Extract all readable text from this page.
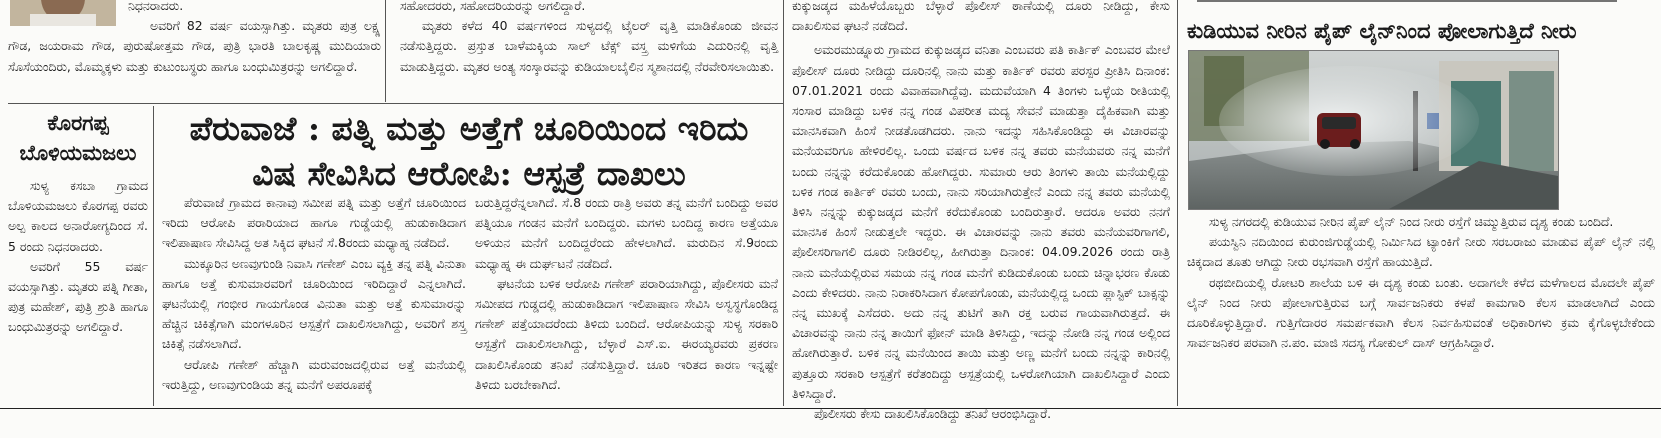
ನಿಧನರಾದರು.

ಅವರಿಗೆ 82 ವರ್ಷ ವಯಸ್ಸಾಗಿತ್ತು. ಮೃತರು ಪುತ್ರ ಲಕ್ಷ್ಣ ಗೌಡ, ಜಯರಾಮ ಗೌಡ, ಪುರುಷೋತ್ತಮ ಗೌಡ, ಪುತ್ರಿ ಭಾರತಿ ಬಾಲಕೃಷ್ಣ ಮುದಿಯಾರು ಸೊಸೆಯಂದಿರು, ಮೊಮ್ಮಕ್ಕಳು ಮತ್ತು ಕುಟುಂಬಸ್ಥರು ಹಾಗೂ ಬಂಧುಮಿತ್ರರನ್ನು ಅಗಲಿದ್ದಾರೆ.

ಸಹೋದರರು, ಸಹೋದರಿಯರನ್ನು ಅಗಲಿದ್ದಾರೆ.

ಮೃತರು ಕಳೆದ 40 ವರ್ಷಗಳಿಂದ ಸುಳ್ಯದಲ್ಲಿ ಟೈಲರ್ ವೃತ್ತಿ ಮಾಡಿಕೊಂಡು ಜೀವನ ನಡೆಸುತ್ತಿದ್ದರು. ಪ್ರಸ್ತುತ ಬಾಳೆಮಕ್ಕಿಯ ಸಾಲ್ ಟೆಕ್ಸ್ ವಸ್ತ್ರ ಮಳಿಗೆಯ ಎದುರಿನಲ್ಲಿ ವೃತ್ತಿ ಮಾಡುತ್ತಿದ್ದರು. ಮೃತರ ಅಂತ್ಯ ಸಂಸ್ಕಾರವನ್ನು ಕುಡಿಯಾಲಬೈಲಿನ ಸ್ಮಶಾನದಲ್ಲಿ ನೆರವೇರಿಸಲಾಯಿತು.

ಕೊರಗಪ್ಪ
ಬೊಳಿಯಮಜಲು

ಸುಳ್ಯ ಕಸಬಾ ಗ್ರಾಮದ ಬೊಳಿಯಮಜಲು ಕೊರಗಪ್ಪ ರವರು ಅಲ್ಪ ಕಾಲದ ಅನಾರೋಗ್ಯದಿಂದ ಸೆ. 5 ರಂದು ನಿಧನರಾದರು.

ಅವರಿಗೆ 55 ವರ್ಷ ವಯಸ್ಸಾಗಿತ್ತು. ಮೃತರು ಪತ್ನಿ ಗೀತಾ, ಪುತ್ರ ಮಹೇಶ್, ಪುತ್ರಿ ಶ್ರುತಿ ಹಾಗೂ ಬಂಧುಮಿತ್ರರನ್ನು ಅಗಲಿದ್ದಾರೆ.

ಪೆರುವಾಜೆ : ಪತ್ನಿ ಮತ್ತು ಅತ್ತೆಗೆ ಚೂರಿಯಿಂದ ಇರಿದು
ವಿಷ ಸೇವಿಸಿದ ಆರೋಪಿ: ಆಸ್ಪತ್ರೆ ದಾಖಲು

ಪೆರುವಾಜೆ ಗ್ರಾಮದ ಕಾನಾವು ಸಮೀಪ ಪತ್ನಿ ಮತ್ತು ಅತ್ತೆಗೆ ಚೂರಿಯಿಂದ ಇರಿದು ಆರೋಪಿ ಪರಾರಿಯಾದ ಹಾಗೂ ಗುಡ್ಡೆಯಲ್ಲಿ ಹುಡುಕಾಡಿದಾಗ ಇಲಿಪಾಷಾಣ ಸೇವಿಸಿದ್ದ ಅತ ಸಿಕ್ಕಿದ ಘಟನೆ ಸೆ.8ರಂದು ಮಧ್ಯಾಹ್ನ ನಡೆದಿದೆ.

ಮುಕ್ಕೂರಿನ ಅಣವುಗುಂಡಿ ನಿವಾಸಿ ಗಣೇಶ್ ಎಂಬ ವ್ಯಕ್ತಿ ತನ್ನ ಪತ್ನಿ ವಿನುತಾ ಹಾಗೂ ಅತ್ತೆ ಕುಸುಮಾರವರಿಗೆ ಚೂರಿಯಿಂದ ಇರಿದಿದ್ದಾರೆ ಎನ್ನಲಾಗಿದೆ. ಘಟನೆಯಲ್ಲಿ ಗಂಭೀರ ಗಾಯಗೊಂಡ ವಿನುತಾ ಮತ್ತು ಅತ್ತೆ ಕುಸುಮಾರನ್ನು ಹೆಚ್ಚಿನ ಚಿಕಿತ್ಸೆಗಾಗಿ ಮಂಗಳೂರಿನ ಆಸ್ಪತ್ರೆಗೆ ದಾಖಲಿಸಲಾಗಿದ್ದು, ಅವರಿಗೆ ಶಸ್ತ್ರ ಚಿಕಿತ್ಸೆ ನಡೆಸಲಾಗಿದೆ.

ಆರೋಪಿ ಗಣೇಶ್ ಹೆಚ್ಚಾಗಿ ಮರುವಂಜದಲ್ಲಿರುವ ಅತ್ತೆ ಮನೆಯಲ್ಲಿ ಇರುತ್ತಿದ್ದು, ಅಣವುಗುಂಡಿಯ ತನ್ನ ಮನೆಗೆ ಅಪರೂಪಕ್ಕೆ

ಬರುತ್ತಿದ್ದರೆನ್ನಲಾಗಿದೆ. ಸೆ.8 ರಂದು ರಾತ್ರಿ ಅವರು ತನ್ನ ಮನೆಗೆ ಬಂದಿದ್ದು ಅವರ ಪತ್ನಿಯೂ ಗಂಡನ ಮನೆಗೆ ಬಂದಿದ್ದರು. ಮಗಳು ಬಂದಿದ್ದ ಕಾರಣ ಅತ್ತೆಯೂ ಅಳಿಯನ ಮನೆಗೆ ಬಂದಿದ್ದರೆಂದು ಹೇಳಲಾಗಿದೆ. ಮರುದಿನ ಸೆ.9ರಂದು ಮಧ್ಯಾಹ್ನ ಈ ದುರ್ಘಟನೆ ನಡೆದಿದೆ.

ಘಟನೆಯ ಬಳಿಕ ಆರೋಪಿ ಗಣೇಶ್ ಪರಾರಿಯಾಗಿದ್ದು, ಪೊಲೀಸರು ಮನೆ ಸಮೀಪದ ಗುಡ್ಡದಲ್ಲಿ ಹುಡುಕಾಡಿದಾಗ ಇಲಿಪಾಷಾಣ ಸೇವಿಸಿ ಅಸ್ವಸ್ಥಗೊಂಡಿದ್ದ ಗಣೇಶ್ ಪತ್ತೆಯಾದರೆಂದು ತಿಳಿದು ಬಂದಿದೆ. ಆರೋಪಿಯನ್ನು ಸುಳ್ಯ ಸರಕಾರಿ ಆಸ್ಪತ್ರೆಗೆ ದಾಖಲಿಸಲಾಗಿದ್ದು, ಬೆಳ್ಳಾರೆ ಎಸ್.ಐ. ಈರಯ್ಯರವರು ಪ್ರಕರಣ ದಾಖಲಿಸಿಕೊಂಡು ತನಿಖೆ ನಡೆಸುತ್ತಿದ್ದಾರೆ. ಚೂರಿ ಇರಿತದ ಕಾರಣ ಇನ್ನಷ್ಟೇ ತಿಳಿದು ಬರಬೇಕಾಗಿದೆ.

ಕುಕ್ಕುಜಡ್ಕದ ಮಹಿಳೆಯೊಬ್ಬರು ಬೆಳ್ಳಾರೆ ಪೊಲೀಸ್ ಠಾಣೆಯಲ್ಲಿ ದೂರು ನೀಡಿದ್ದು, ಕೇಸು ದಾಖಲಿಸುವ ಘಟನೆ ನಡೆದಿದೆ.

ಅಮರಮುಡ್ನೂರು ಗ್ರಾಮದ ಕುಕ್ಕುಜಡ್ಕದ ವನಿತಾ ಎಂಬವರು ಪತಿ ಕಾರ್ತಿಕ್ ಎಂಬವರ ಮೇಲೆ ಪೊಲೀಸ್ ದೂರು ನೀಡಿದ್ದು ದೂರಿನಲ್ಲಿ ನಾನು ಮತ್ತು ಕಾರ್ತಿಕ್ ರವರು ಪರಸ್ಪರ ಪ್ರೀತಿಸಿ ದಿನಾಂಕ: 07.01.2021 ರಂದು ವಿವಾಹವಾಗಿದ್ದೆವು. ಮದುವೆಯಾಗಿ 4 ತಿಂಗಳು ಒಳ್ಳೆಯ ರೀತಿಯಲ್ಲಿ ಸಂಸಾರ ಮಾಡಿದ್ದು ಬಳಿಕ ನನ್ನ ಗಂಡ ವಿಪರೀತ ಮದ್ಯ ಸೇವನೆ ಮಾಡುತ್ತಾ ದೈಹಿಕವಾಗಿ ಮತ್ತು ಮಾನಸಿಕವಾಗಿ ಹಿಂಸೆ ನೀಡತೊಡಗಿದರು. ನಾನು ಇದನ್ನು ಸಹಿಸಿಕೊಂಡಿದ್ದು ಈ ವಿಚಾರವನ್ನು ಮನೆಯವರಿಗೂ ಹೇಳಿರಲಿಲ್ಲ. ಒಂದು ವರ್ಷದ ಬಳಿಕ ನನ್ನ ತವರು ಮನೆಯವರು ನನ್ನ ಮನೆಗೆ ಬಂದು ನನ್ನನ್ನು ಕರೆದುಕೊಂಡು ಹೋಗಿದ್ದರು. ಸುಮಾರು ಆರು ತಿಂಗಳು ತಾಯಿ ಮನೆಯಲ್ಲಿದ್ದು ಬಳಿಕ ಗಂಡ ಕಾರ್ತಿಕ್ ರವರು ಬಂದು, ನಾನು ಸರಿಯಾಗಿರುತ್ತೇನೆ ಎಂದು ನನ್ನ ತವರು ಮನೆಯಲ್ಲಿ ತಿಳಿಸಿ ನನ್ನನ್ನು ಕುಕ್ಕುಜಡ್ಕದ ಮನೆಗೆ ಕರೆದುಕೊಂಡು ಬಂದಿರುತ್ತಾರೆ. ಆದರೂ ಅವರು ನನಗೆ ಮಾನಸಿಕ ಹಿಂಸೆ ನೀಡುತ್ತಲೇ ಇದ್ದರು. ಈ ವಿಚಾರವನ್ನು ನಾನು ತವರು ಮನೆಯವರಿಗಾಗಲಿ, ಪೊಲೀಸರಿಗಾಗಲಿ ದೂರು ನೀಡಿರಲಿಲ್ಲ, ಹೀಗಿರುತ್ತಾ ದಿನಾಂಕ: 04.09.2026 ರಂದು ರಾತ್ರಿ ನಾನು ಮನೆಯಲ್ಲಿರುವ ಸಮಯ ನನ್ನ ಗಂಡ ಮನೆಗೆ ಕುಡಿದುಕೊಂಡು ಬಂದು ಚಿನ್ನಾಭರಣ ಕೊಡು ಎಂದು ಕೇಳಿದರು. ನಾನು ನಿರಾಕರಿಸಿದಾಗ ಕೋಪಗೊಂಡು, ಮನೆಯಲ್ಲಿದ್ದ ಒಂದು ಪ್ಲಾಸ್ಟಿಕ್ ಬಾಕ್ಸನ್ನು ನನ್ನ ಮುಖಕ್ಕೆ ಎಸೆದರು. ಅದು ನನ್ನ ತುಟಿಗೆ ತಾಗಿ ರಕ್ತ ಬರುವ ಗಾಯವಾಗಿರುತ್ತದೆ. ಈ ವಿಚಾರವನ್ನು ನಾನು ನನ್ನ ತಾಯಿಗೆ ಫೋನ್ ಮಾಡಿ ತಿಳಿಸಿದ್ದು, ಇದನ್ನು ನೋಡಿ ನನ್ನ ಗಂಡ ಅಲ್ಲಿಂದ ಹೋಗಿರುತ್ತಾರೆ. ಬಳಿಕ ನನ್ನ ಮನೆಯಿಂದ ತಾಯಿ ಮತ್ತು ಅಣ್ಣ ಮನೆಗೆ ಬಂದು ನನ್ನನ್ನು ಕಾರಿನಲ್ಲಿ ಪುತ್ತೂರು ಸರಕಾರಿ ಆಸ್ಪತ್ರೆಗೆ ಕರೆತಂದಿದ್ದು ಆಸ್ಪತ್ರೆಯಲ್ಲಿ ಒಳರೋಗಿಯಾಗಿ ದಾಖಲಿಸಿದ್ದಾರೆ ಎಂದು ತಿಳಿಸಿದ್ದಾರೆ.

ಪೊಲೀಸರು ಕೇಸು ದಾಖಲಿಸಿಕೊಂಡಿದ್ದು ತನಿಖೆ ಆರಂಭಿಸಿದ್ದಾರೆ.

ಕುಡಿಯುವ ನೀರಿನ ಪೈಪ್ ಲೈನ್‌ನಿಂದ ಪೋಲಾಗುತ್ತಿದೆ ನೀರು

ಸುಳ್ಯ ನಗರದಲ್ಲಿ ಕುಡಿಯುವ ನೀರಿನ ಪೈಪ್ ಲೈನ್ ನಿಂದ ನೀರು ರಸ್ತೆಗೆ ಚಿಮ್ಮುತ್ತಿರುವ ದೃಶ್ಯ ಕಂಡು ಬಂದಿದೆ.

ಪಯಸ್ವಿನಿ ನದಿಯಿಂದ ಕುರುಂಜಿಗುಡ್ಡೆಯಲ್ಲಿ ನಿರ್ಮಿಸಿದ ಟ್ಯಾಂಕಿಗೆ ನೀರು ಸರಬರಾಜು ಮಾಡುವ ಪೈಪ್ ಲೈನ್ ನಲ್ಲಿ ಚಿಕ್ಕದಾದ ತೂತು ಆಗಿದ್ದು ನೀರು ರಭಸವಾಗಿ ರಸ್ತೆಗೆ ಹಾಯುತ್ತಿದೆ.

ರಥಬೀದಿಯಲ್ಲಿ ರೋಟರಿ ಶಾಲೆಯ ಬಳಿ ಈ ದೃಶ್ಯ ಕಂಡು ಬಂತು. ಅದಾಗಲೇ ಕಳೆದ ಮಳೆಗಾಲದ ಮೊದಲೇ ಪೈಪ್ ಲೈನ್ ನಿಂದ ನೀರು ಪೋಲಾಗುತ್ತಿರುವ ಬಗ್ಗೆ ಸಾರ್ವಜನಿಕರು ಕಳಪೆ ಕಾಮಗಾರಿ ಕೆಲಸ ಮಾಡಲಾಗಿದೆ ಎಂದು ದೂರಿಕೊಳ್ಳುತ್ತಿದ್ದಾರೆ. ಗುತ್ತಿಗೆದಾರರ ಸಮರ್ಪಕವಾಗಿ ಕೆಲಸ ನಿರ್ವಹಿಸುವಂತೆ ಅಧಿಕಾರಿಗಳು ಕ್ರಮ ಕೈಗೊಳ್ಳಬೇಕೆಂದು ಸಾರ್ವಜನಿಕರ ಪರವಾಗಿ ನ.ಪಂ. ಮಾಜಿ ಸದಸ್ಯ ಗೋಕುಲ್ ದಾಸ್ ಆಗ್ರಹಿಸಿದ್ದಾರೆ.
